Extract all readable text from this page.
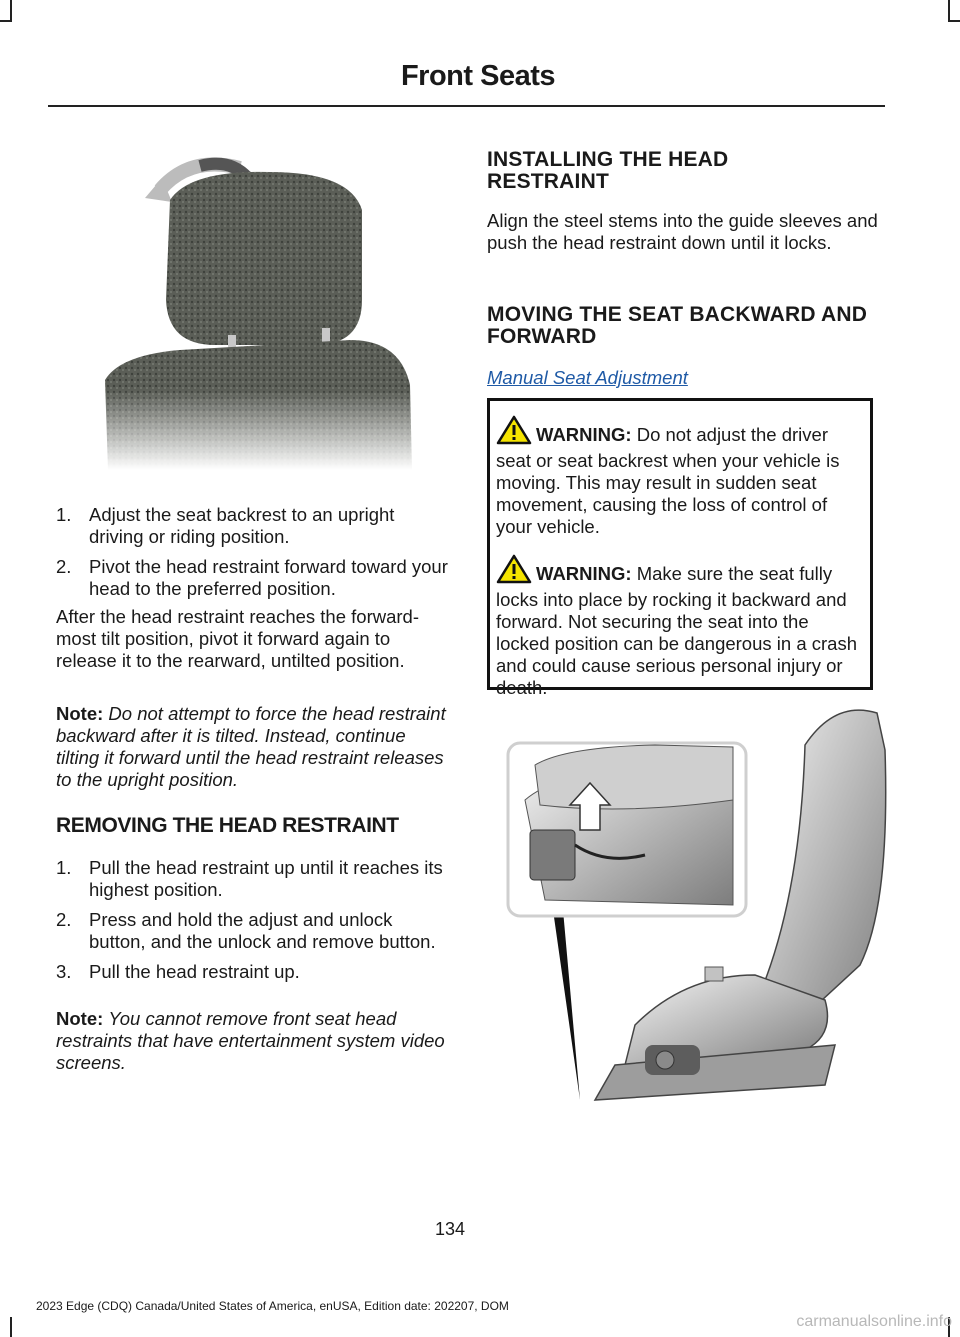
Front Seats
1. Adjust the seat backrest to an upright driving or riding position.
2. Pivot the head restraint forward toward your head to the preferred position.

After the head restraint reaches the forward-most tilt position, pivot it forward again to release it to the rearward, untilted position.

Note: Do not attempt to force the head restraint backward after it is tilted. Instead, continue tilting it forward until the head restraint releases to the upright position.

REMOVING THE HEAD RESTRAINT
1. Pull the head restraint up until it reaches its highest position.
2. Press and hold the adjust and unlock button, and the unlock and remove button.
3. Pull the head restraint up.

Note: You cannot remove front seat head restraints that have entertainment system video screens.

INSTALLING THE HEAD RESTRAINT

Align the steel stems into the guide sleeves and push the head restraint down until it locks.

MOVING THE SEAT BACKWARD AND FORWARD
Manual Seat Adjustment

WARNING: Do not adjust the driver seat or seat backrest when your vehicle is moving. This may result in sudden seat movement, causing the loss of control of your vehicle.

WARNING: Make sure the seat fully locks into place by rocking it backward and forward. Not securing the seat into the locked position can be dangerous in a crash and could cause serious personal injury or death.

134
2023 Edge (CDQ) Canada/United States of America, enUSA, Edition date: 202207, DOM
carmanualsonline.info
